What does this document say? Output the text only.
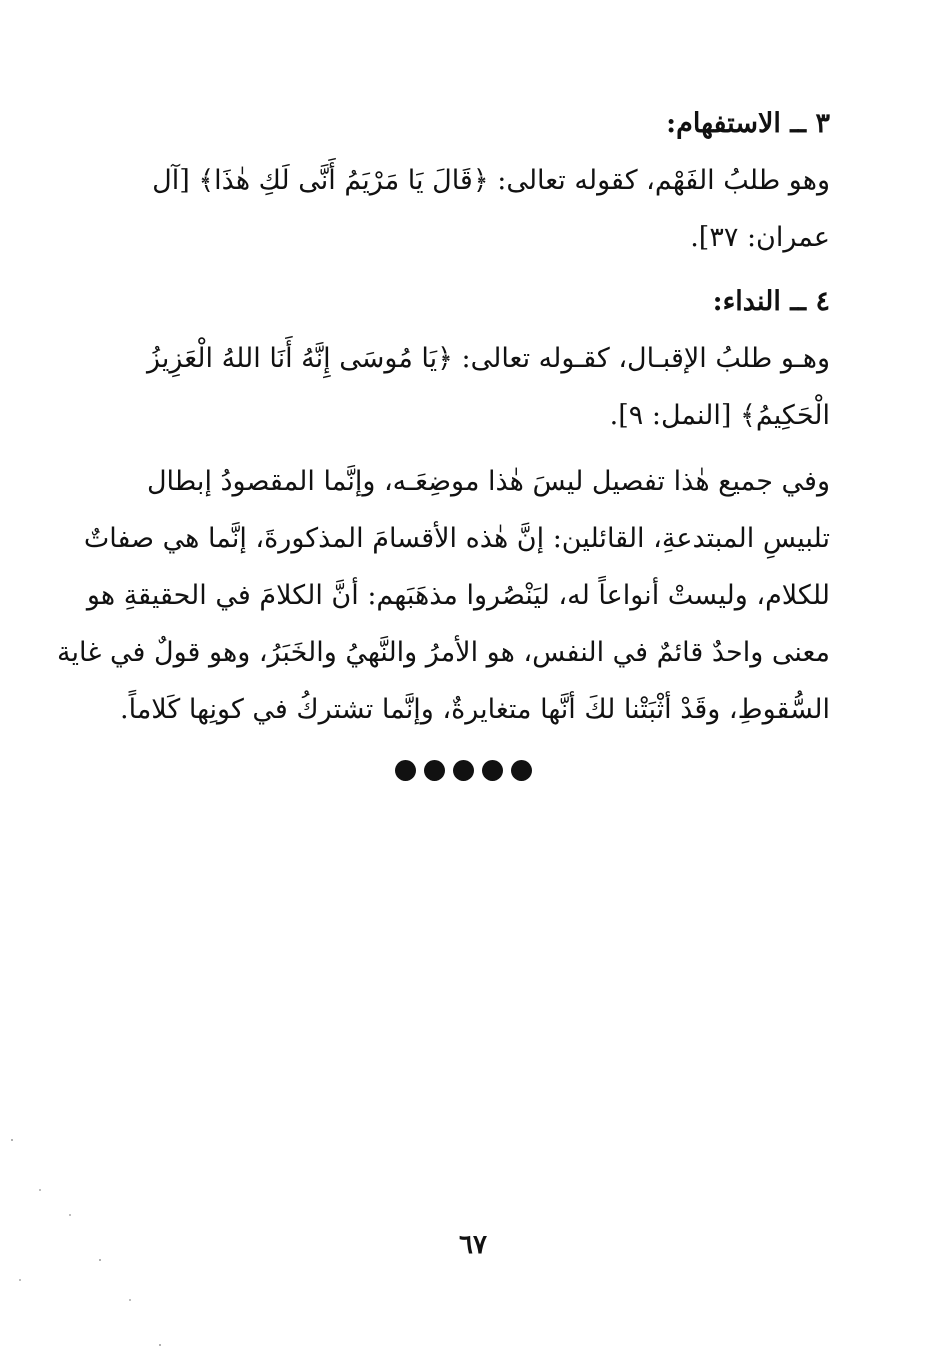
٣ ــ الاستفهام:
وهو طلبُ الفَهْم، كقوله تعالى: ﴿قَالَ يَا مَرْيَمُ أَنَّى لَكِ هٰذَا﴾ [آل
عمران: ٣٧].
٤ ــ النداء:
وهـو طلبُ الإقبـال، كقـوله تعالى: ﴿يَا مُوسَى إِنَّهُ أَنَا اللهُ الْعَزِيزُ
الْحَكِيمُ﴾ [النمل: ٩].
وفي جميع هٰذا تفصيل ليسَ هٰذا موضِعَـه، وإنَّما المقصودُ إبطال
تلبيسِ المبتدعةِ، القائلين: إنَّ هٰذه الأقسامَ المذكورةَ، إنَّما هي صفاتٌ
للكلام، وليستْ أنواعاً له، ليَنْصُروا مذهَبَهم: أنَّ الكلامَ في الحقيقةِ هو
معنى واحدٌ قائمٌ في النفس، هو الأمرُ والنَّهيُ والخَبَرُ، وهو قولٌ في غاية
السُّقوطِ، وقَدْ أثْبَتْنا لكَ أنَّها متغايرةٌ، وإنَّما تشتركُ في كونِها كَلاماً.
٦٧
